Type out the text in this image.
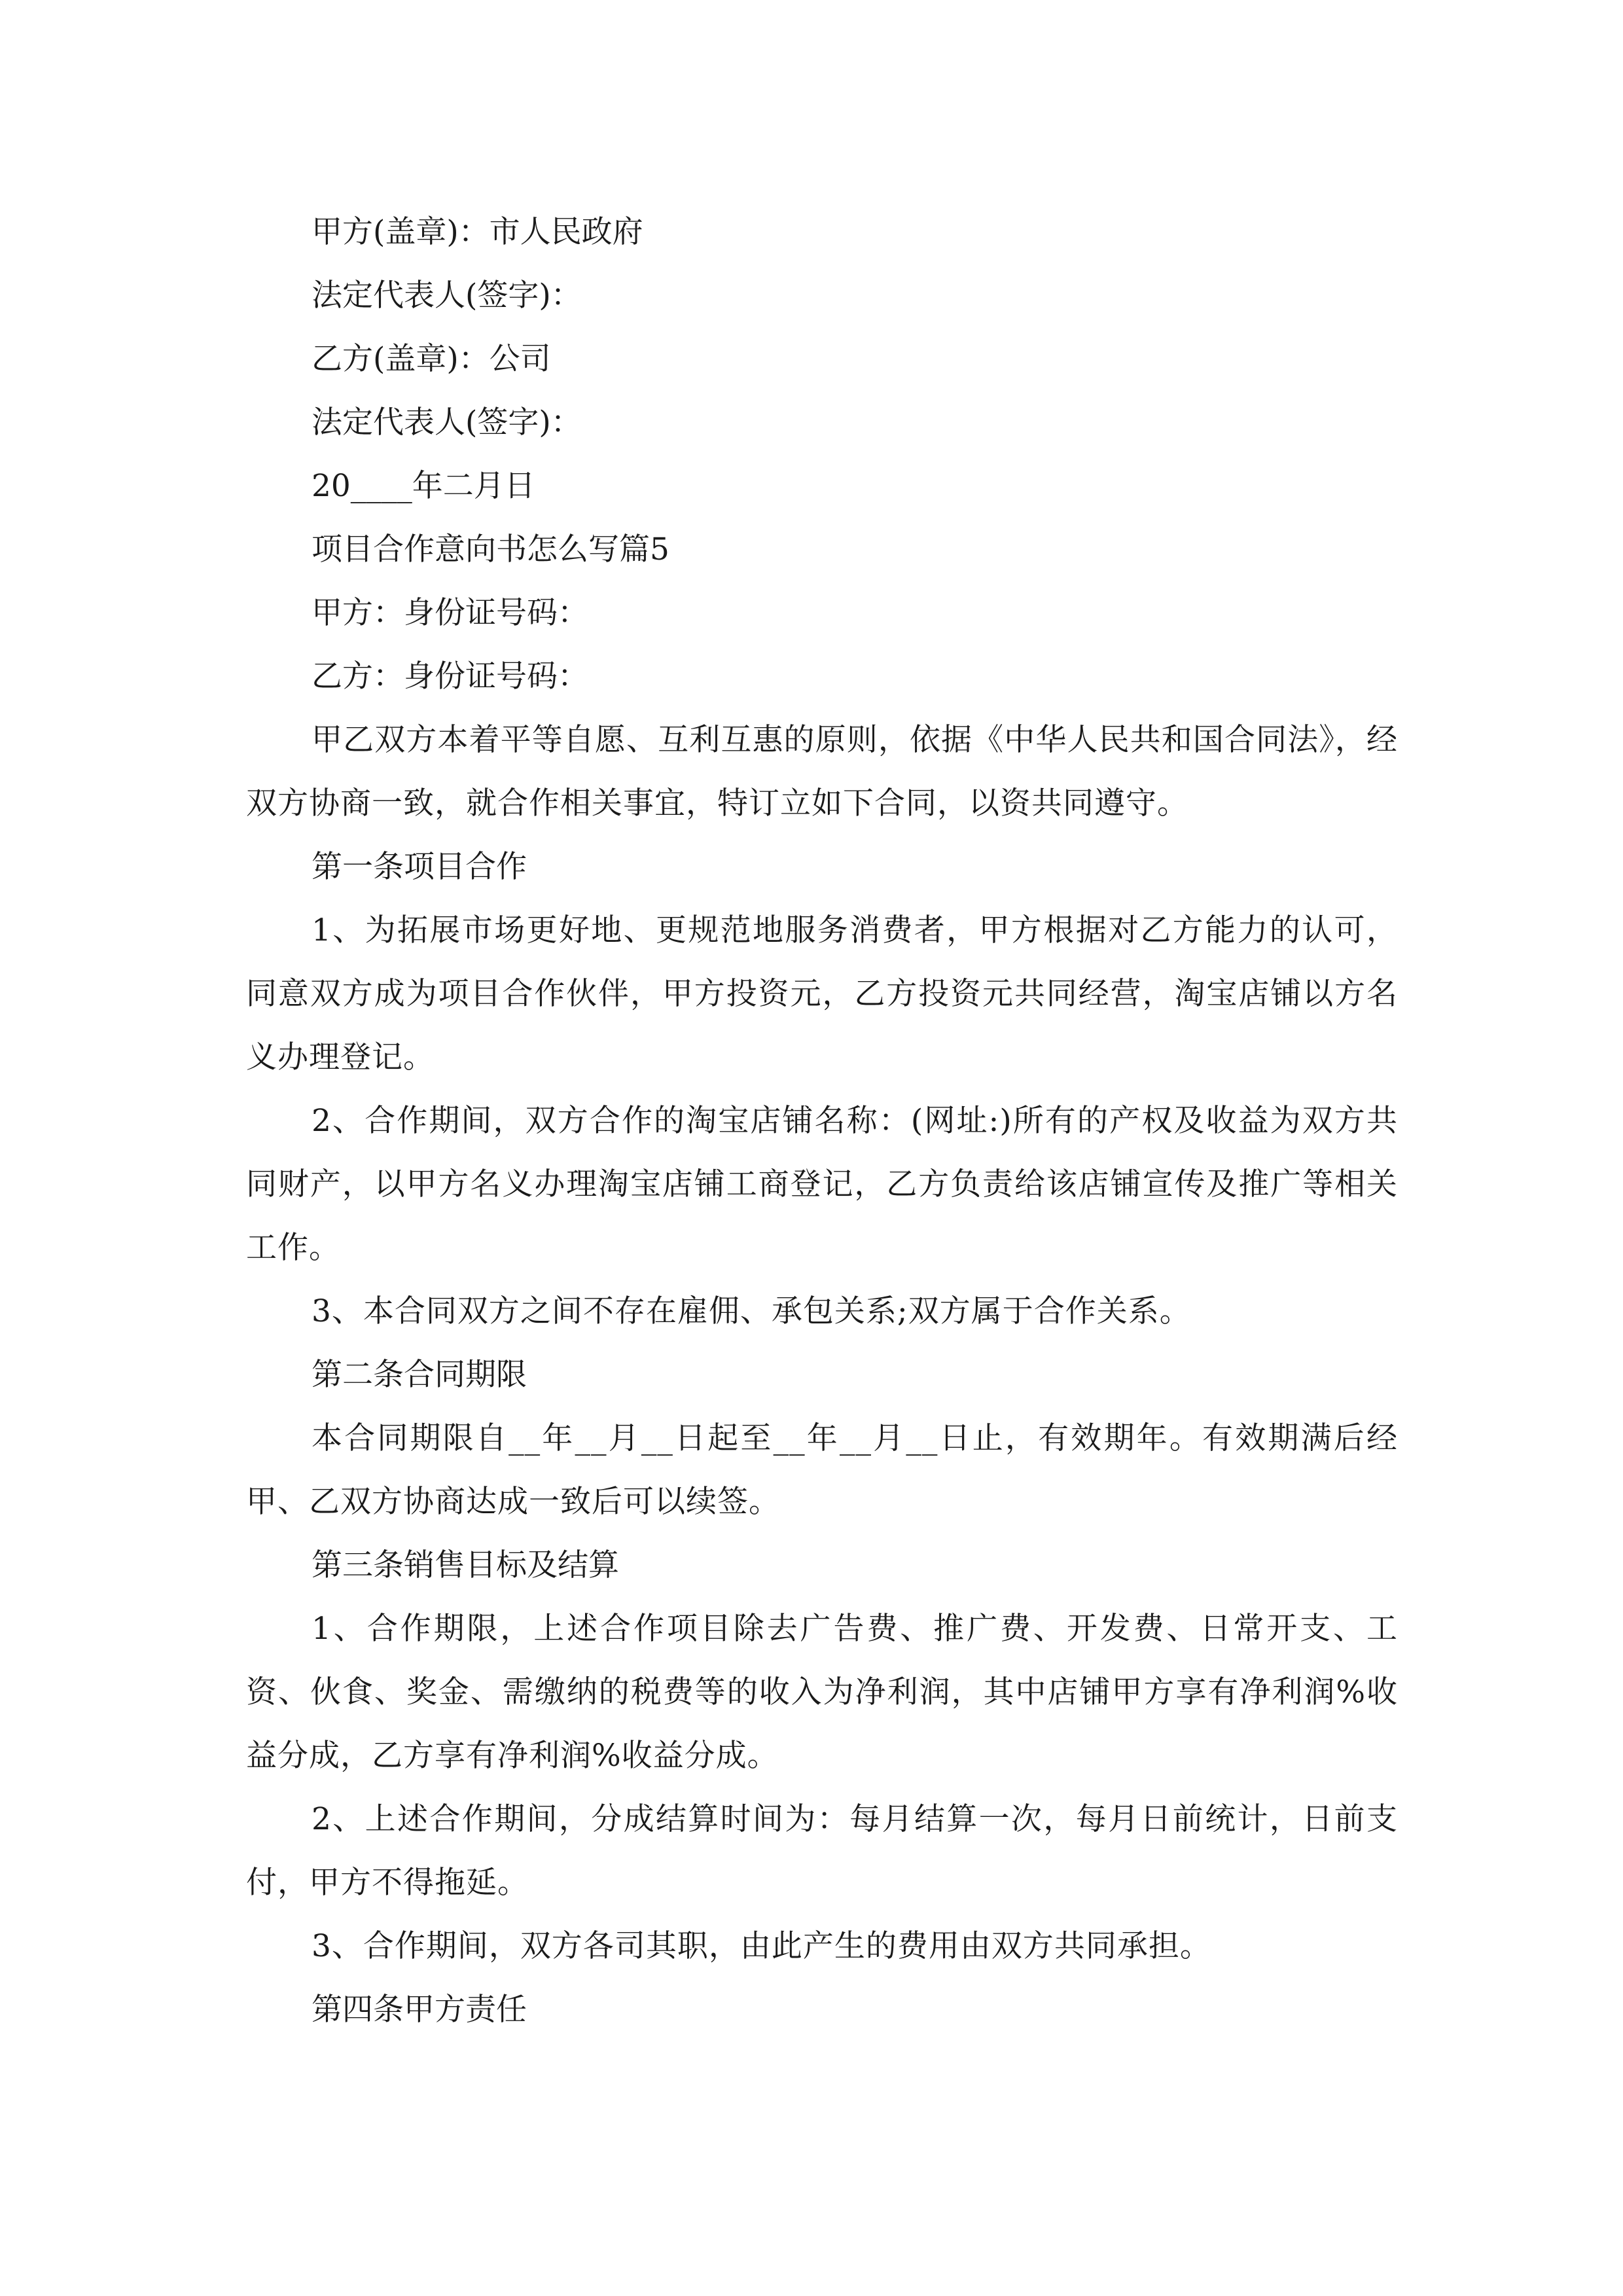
甲方(盖章)：市人民政府

法定代表人(签字)：

乙方(盖章)：公司

法定代表人(签字)：

20____年二月日

项目合作意向书怎么写篇5

甲方：身份证号码：

乙方：身份证号码：

甲乙双方本着平等自愿、互利互惠的原则，依据《中华人民共和国合同法》，经双方协商一致，就合作相关事宜，特订立如下合同，以资共同遵守。

第一条项目合作

1、为拓展市场更好地、更规范地服务消费者，甲方根据对乙方能力的认可，同意双方成为项目合作伙伴，甲方投资元，乙方投资元共同经营，淘宝店铺以方名义办理登记。

2、合作期间，双方合作的淘宝店铺名称：(网址:)所有的产权及收益为双方共同财产，以甲方名义办理淘宝店铺工商登记，乙方负责给该店铺宣传及推广等相关工作。

3、本合同双方之间不存在雇佣、承包关系;双方属于合作关系。

第二条合同期限

本合同期限自__年__月__日起至__年__月__日止，有效期年。有效期满后经甲、乙双方协商达成一致后可以续签。

第三条销售目标及结算

1、合作期限，上述合作项目除去广告费、推广费、开发费、日常开支、工资、伙食、奖金、需缴纳的税费等的收入为净利润，其中店铺甲方享有净利润%收益分成，乙方享有净利润%收益分成。

2、上述合作期间，分成结算时间为：每月结算一次，每月日前统计，日前支付，甲方不得拖延。

3、合作期间，双方各司其职，由此产生的费用由双方共同承担。

第四条甲方责任
